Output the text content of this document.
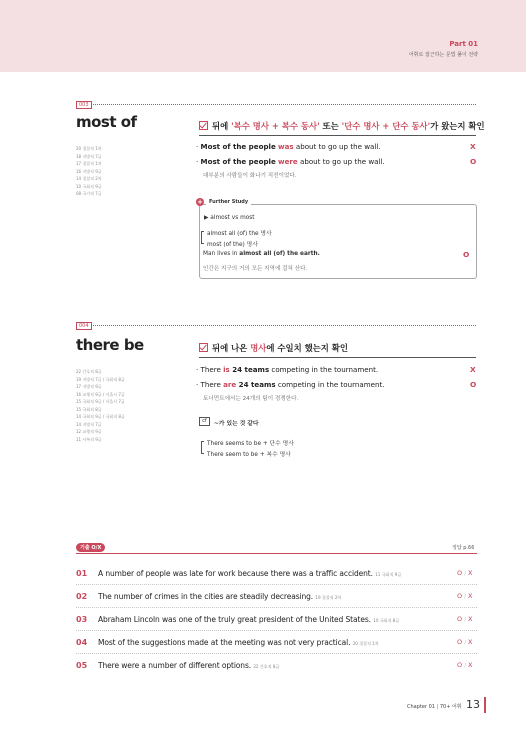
Part 01
어휘로 접근하는 문법 풀이 전략
003
most of
20 경찰직 1차
18 지방직 7급
17 경찰직 1차
16 지방직 9급
14 경찰직 2차
10 국회직 9급
08 국가직 7급
뒤에 '복수 명사 + 복수 동사' 또는 '단수 명사 + 단수 동사'가 왔는지 확인
· Most of the people was about to go up the wall.	X
· Most of the people were about to go up the wall.	O
대부분의 사람들이 화나기 직전이었다.
+	Further Study
▶ almost vs most
almost all (of) the 명사
most (of the) 명사
Man lives in almost all (of) the earth.	O
인간은 지구의 거의 모든 지역에 걸쳐 산다.
004
there be
22 간호직 8급
19 지방직 7급 / 국회직 8급
17 지방직 9급
16 교행직 9급 / 서울시 7급
15 국회직 9급 / 서울시 7급
15 국회직 8급
14 국회직 9급 / 국회직 8급
14 지방직 7급
12 교행직 9급
11 사복직 9급
뒤에 나온 명사에 수일치 했는지 확인
· There is 24 teams competing in the tournament.	X
· There are 24 teams competing in the tournament.	O
토너먼트에서는 24개의 팀이 경쟁한다.
cf	~가 있는 것 같다
There seems to be + 단수 명사
There seem to be + 복수 명사
기출 O/X	정답 p.66
01 A number of people was late for work because there was a traffic accident. 11 국회직 9급	O / X
02 The number of crimes in the cities are steadily decreasing. 19 경찰직 2차	O / X
03 Abraham Lincoln was one of the truly great president of the United States. 10 국회직 8급	O / X
04 Most of the suggestions made at the meeting was not very practical. 20 경찰직 1차	O / X
05 There were a number of different options. 22 간호직 8급	O / X
Chapter 01 | 70+ 어휘 13
